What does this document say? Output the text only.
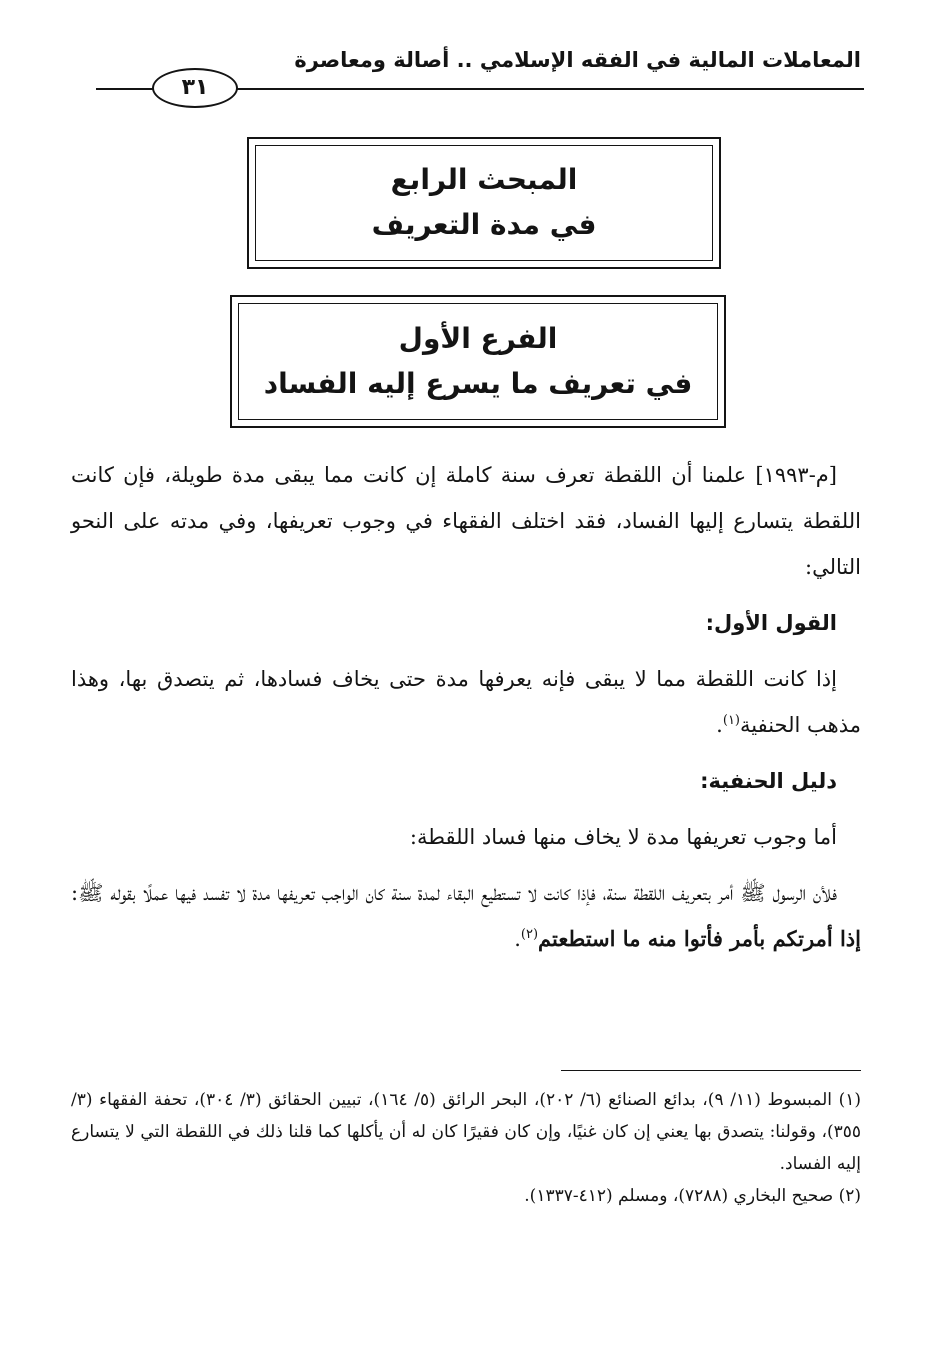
المعاملات المالية في الفقه الإسلامي .. أصالة ومعاصرة
٣١
المبحث الرابع
في مدة التعريف
الفرع الأول
في تعريف ما يسرع إليه الفساد

[م-١٩٩٣] علمنا أن اللقطة تعرف سنة كاملة إن كانت مما يبقى مدة طويلة، فإن كانت اللقطة يتسارع إليها الفساد، فقد اختلف الفقهاء في وجوب تعريفها، وفي مدته على النحو التالي:

القول الأول:

إذا كانت اللقطة مما لا يبقى فإنه يعرفها مدة حتى يخاف فسادها، ثم يتصدق بها، وهذا مذهب الحنفية$^{(١)}$.

دليل الحنفية:

أما وجوب تعريفها مدة لا يخاف منها فساد اللقطة:

فلأن الرسول ﷺ أمر بتعريف اللقطة سنة، فإذا كانت لا تستطيع البقاء لمدة سنة كان الواجب تعريفها مدة لا تفسد فيها عملًا بقوله ﷺ: إذا أمرتكم بأمر فأتوا منه ما استطعتم$^{(٢)}$.

(١) المبسوط (١١/ ٩)، بدائع الصنائع (٦/ ٢٠٢)، البحر الرائق (٥/ ١٦٤)، تبيين الحقائق (٣/ ٣٠٤)، تحفة الفقهاء (٣/ ٣٥٥)، وقولنا: يتصدق بها يعني إن كان غنيًا، وإن كان فقيرًا كان له أن يأكلها كما قلنا ذلك في اللقطة التي لا يتسارع إليه الفساد.

(٢) صحيح البخاري (٧٢٨٨)، ومسلم (٤١٢-١٣٣٧).
